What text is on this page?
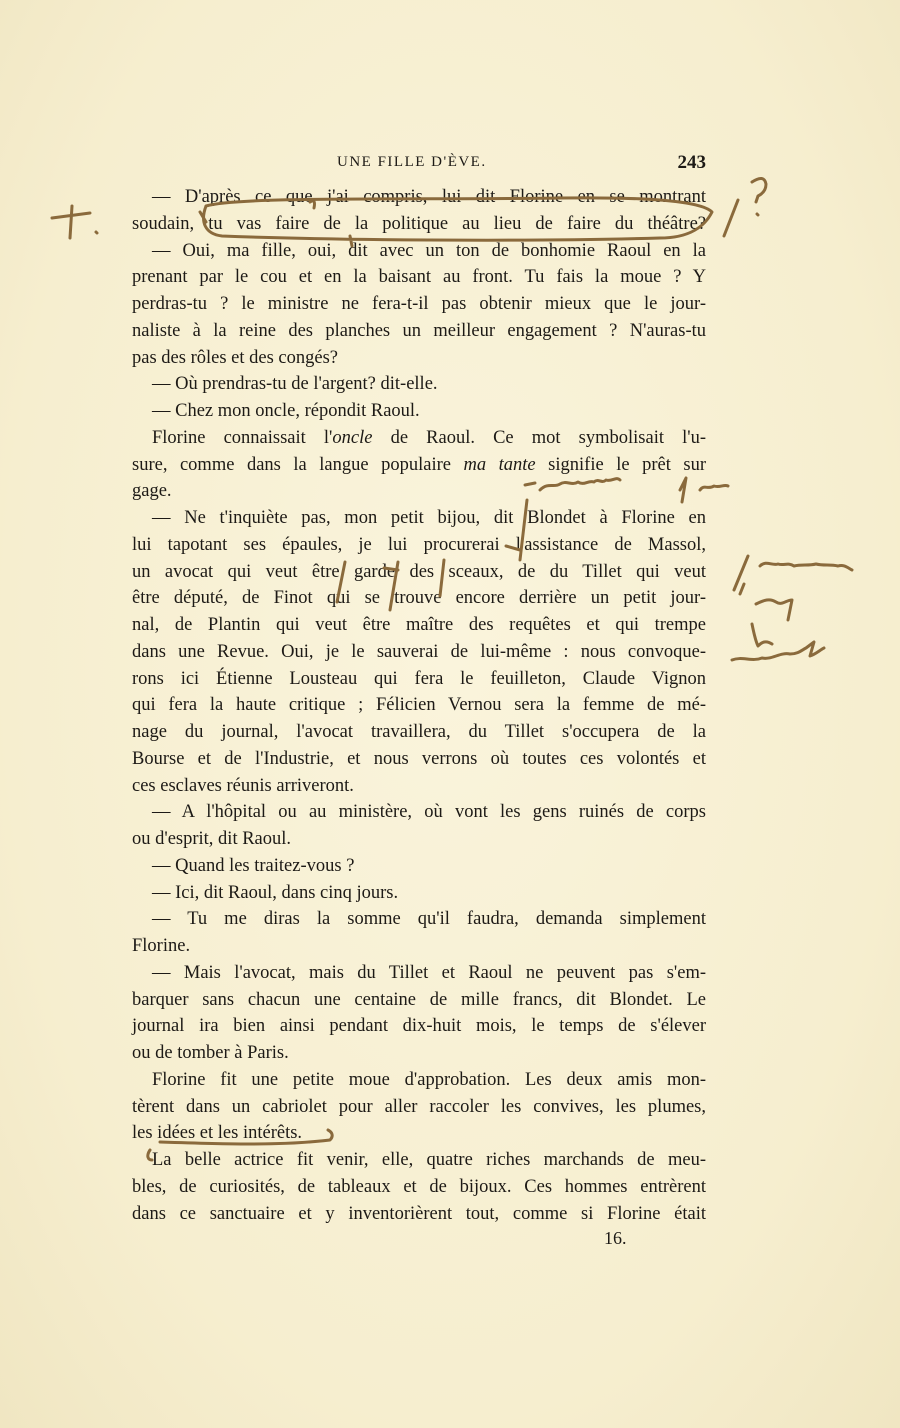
UNE FILLE D'ÈVE.	243
— D'après ce que j'ai compris, lui dit Florine en se montrant
soudain, tu vas faire de la politique au lieu de faire du théâtre?
— Oui, ma fille, oui, dit avec un ton de bonhomie Raoul en la
prenant par le cou et en la baisant au front. Tu fais la moue ? Y
perdras-tu ? le ministre ne fera-t-il pas obtenir mieux que le jour-
naliste à la reine des planches un meilleur engagement ? N'auras-tu
pas des rôles et des congés?
— Où prendras-tu de l'argent? dit-elle.
— Chez mon oncle, répondit Raoul.
Florine connaissait l'oncle de Raoul. Ce mot symbolisait l'u-
sure, comme dans la langue populaire ma tante signifie le prêt sur
gage.
— Ne t'inquiète pas, mon petit bijou, dit Blondet à Florine en
lui tapotant ses épaules, je lui procurerai l'assistance de Massol,
un avocat qui veut être garde des sceaux, de du Tillet qui veut
être député, de Finot qui se trouve encore derrière un petit jour-
nal, de Plantin qui veut être maître des requêtes et qui trempe
dans une Revue. Oui, je le sauverai de lui-même : nous convoque-
rons ici Étienne Lousteau qui fera le feuilleton, Claude Vignon
qui fera la haute critique ; Félicien Vernou sera la femme de mé-
nage du journal, l'avocat travaillera, du Tillet s'occupera de la
Bourse et de l'Industrie, et nous verrons où toutes ces volontés et
ces esclaves réunis arriveront.
— A l'hôpital ou au ministère, où vont les gens ruinés de corps
ou d'esprit, dit Raoul.
— Quand les traitez-vous ?
— Ici, dit Raoul, dans cinq jours.
— Tu me diras la somme qu'il faudra, demanda simplement
Florine.
— Mais l'avocat, mais du Tillet et Raoul ne peuvent pas s'em-
barquer sans chacun une centaine de mille francs, dit Blondet. Le
journal ira bien ainsi pendant dix-huit mois, le temps de s'élever
ou de tomber à Paris.
Florine fit une petite moue d'approbation. Les deux amis mon-
tèrent dans un cabriolet pour aller raccoler les convives, les plumes,
les idées et les intérêts.
La belle actrice fit venir, elle, quatre riches marchands de meu-
bles, de curiosités, de tableaux et de bijoux. Ces hommes entrèrent
dans ce sanctuaire et y inventorièrent tout, comme si Florine était
16.
